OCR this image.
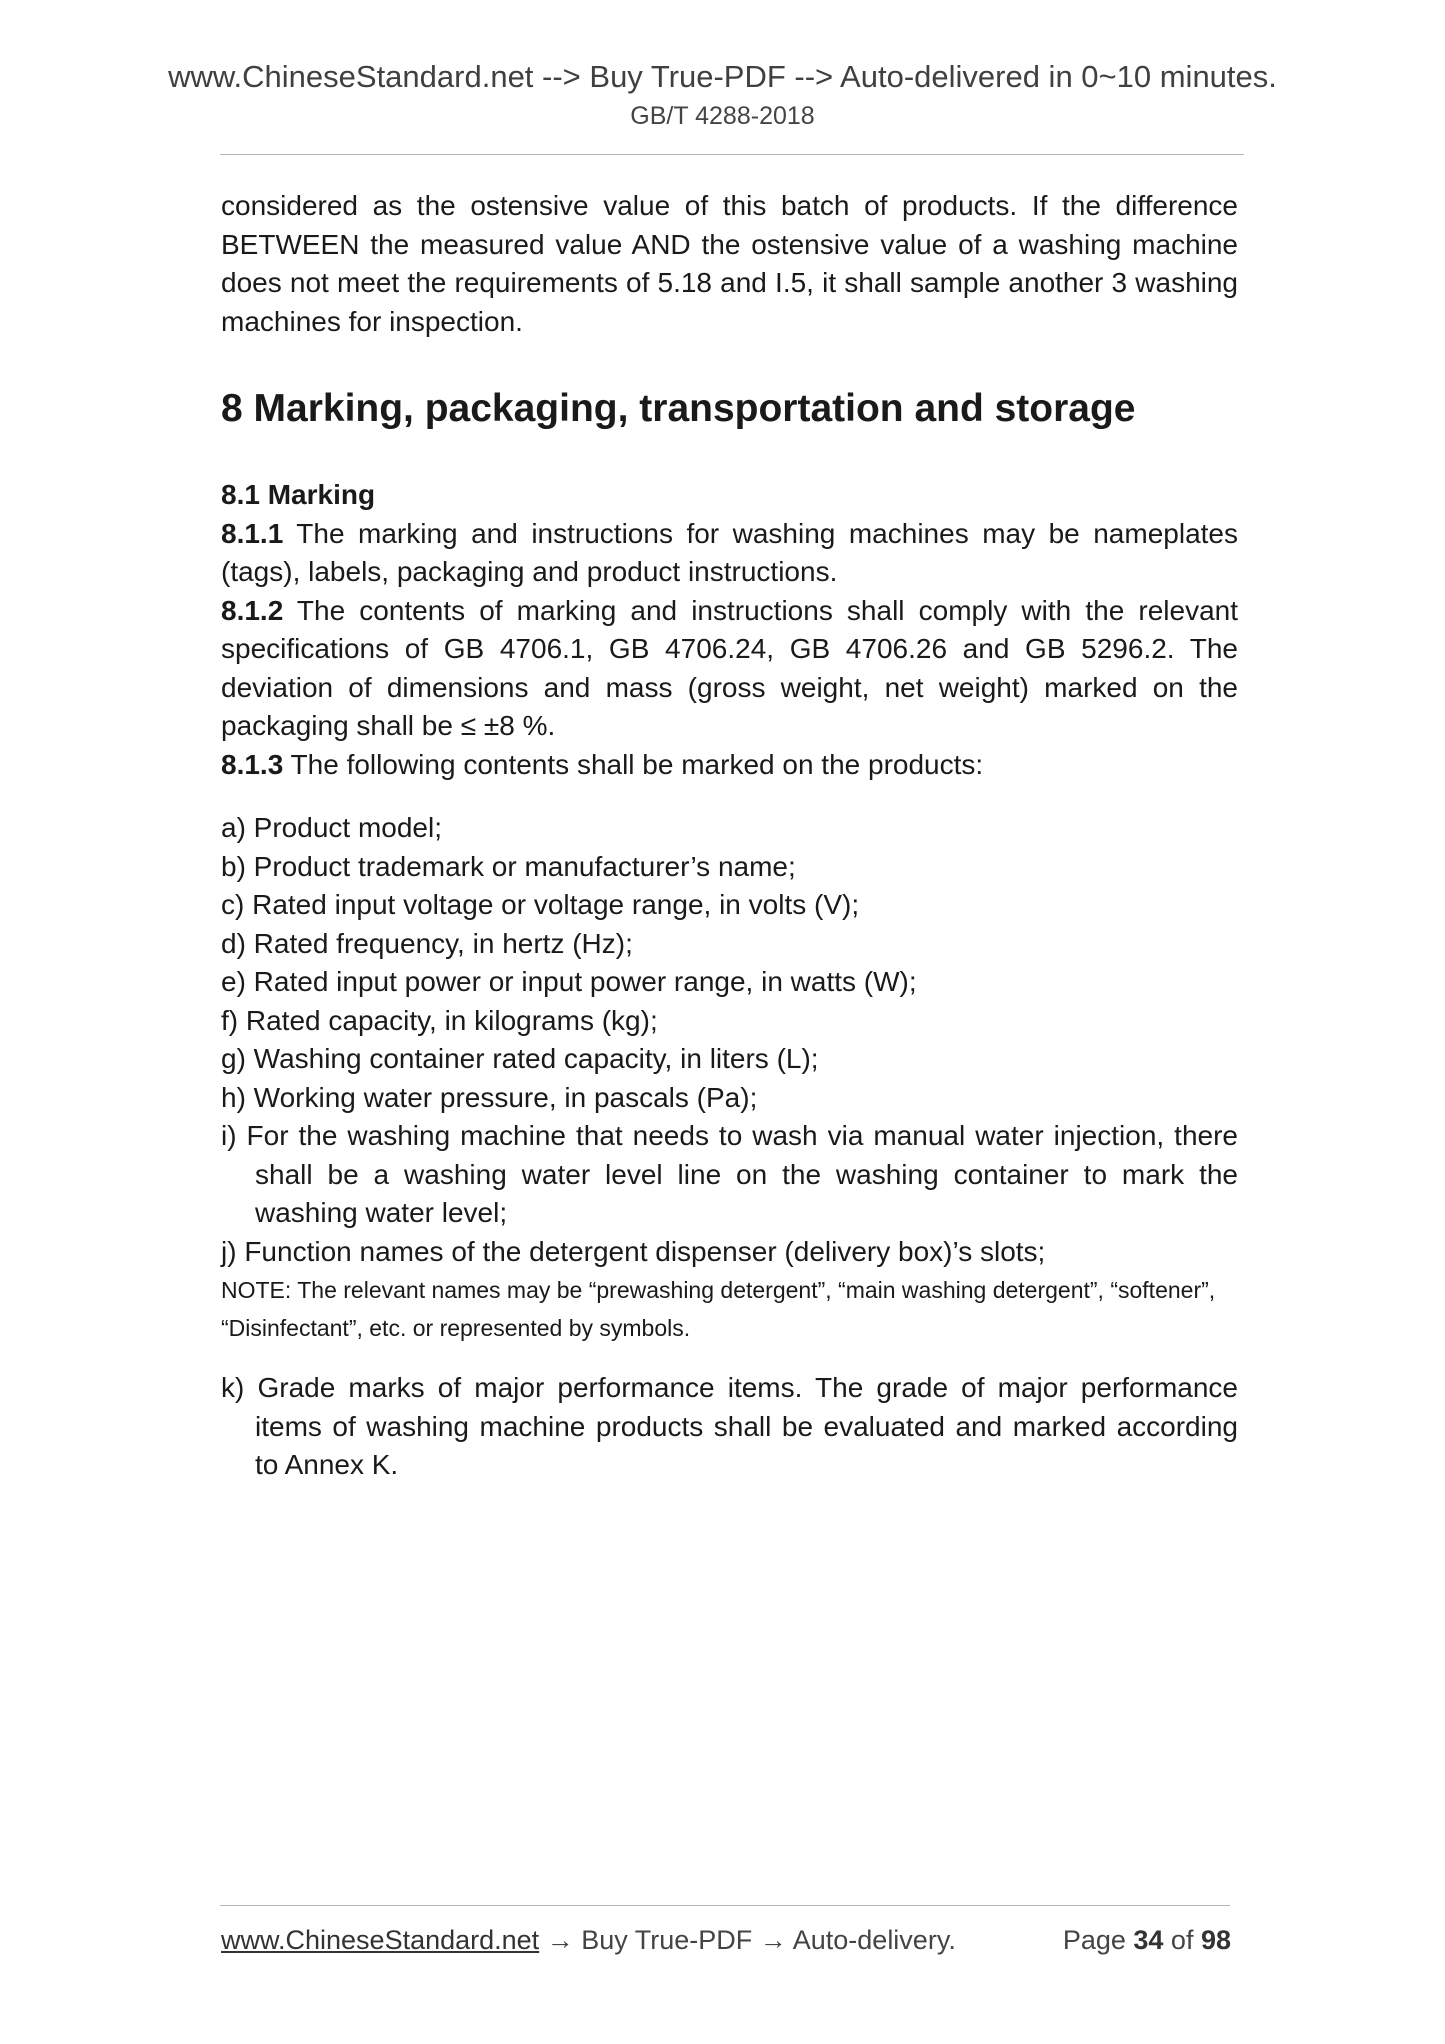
www.ChineseStandard.net --> Buy True-PDF --> Auto-delivered in 0~10 minutes.
GB/T 4288-2018

considered as the ostensive value of this batch of products. If the difference BETWEEN the measured value AND the ostensive value of a washing machine does not meet the requirements of 5.18 and I.5, it shall sample another 3 washing machines for inspection.

8 Marking, packaging, transportation and storage
8.1 Marking

8.1.1 The marking and instructions for washing machines may be nameplates (tags), labels, packaging and product instructions.

8.1.2 The contents of marking and instructions shall comply with the relevant specifications of GB 4706.1, GB 4706.24, GB 4706.26 and GB 5296.2. The deviation of dimensions and mass (gross weight, net weight) marked on the packaging shall be ≤ ±8 %.

8.1.3 The following contents shall be marked on the products:

a) Product model;

b) Product trademark or manufacturer’s name;

c) Rated input voltage or voltage range, in volts (V);

d) Rated frequency, in hertz (Hz);

e) Rated input power or input power range, in watts (W);

f) Rated capacity, in kilograms (kg);

g) Washing container rated capacity, in liters (L);

h) Working water pressure, in pascals (Pa);

i) For the washing machine that needs to wash via manual water injection, there shall be a washing water level line on the washing container to mark the washing water level;

j) Function names of the detergent dispenser (delivery box)’s slots;

NOTE: The relevant names may be “prewashing detergent”, “main washing detergent”, “softener”, “Disinfectant”, etc. or represented by symbols.

k) Grade marks of major performance items. The grade of major performance items of washing machine products shall be evaluated and marked according to Annex K.

www.ChineseStandard.net → Buy True-PDF → Auto-delivery.	Page 34 of 98
